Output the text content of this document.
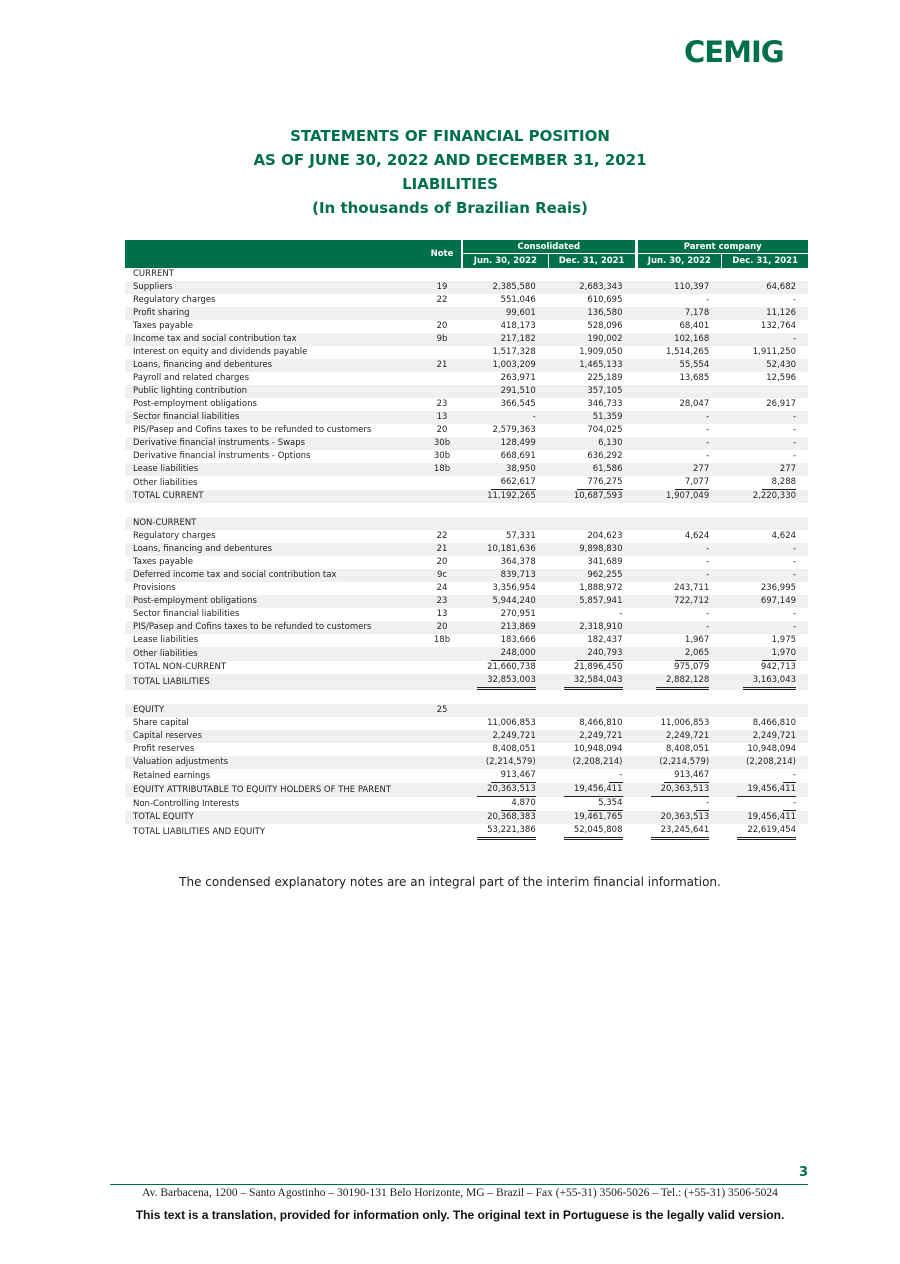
CEMIG
STATEMENTS OF FINANCIAL POSITION
AS OF JUNE 30, 2022 AND DECEMBER 31, 2021
LIABILITIES
(In thousands of Brazilian Reais)
	Note	Consolidated		Parent company	
		Jun. 30, 2022	Dec. 31, 2021	Jun. 30, 2022	Dec. 31, 2021
CURRENT					
Suppliers	19	2,385,580	2,683,343	110,397	64,682
Regulatory charges	22	551,046	610,695	-	-
Profit sharing		99,601	136,580	7,178	11,126
Taxes payable	20	418,173	528,096	68,401	132,764
Income tax and social contribution tax	9b	217,182	190,002	102,168	-
Interest on equity and dividends payable		1,517,328	1,909,050	1,514,265	1,911,250
Loans, financing and debentures	21	1,003,209	1,465,133	55,554	52,430
Payroll and related charges		263,971	225,189	13,685	12,596
Public lighting contribution		291,510	357,105		
Post-employment obligations	23	366,545	346,733	28,047	26,917
Sector financial liabilities	13	-	51,359	-	-
PIS/Pasep and Cofins taxes to be refunded to customers	20	2,579,363	704,025	-	-
Derivative financial instruments - Swaps	30b	128,499	6,130	-	-
Derivative financial instruments - Options	30b	668,691	636,292	-	-
Lease liabilities	18b	38,950	61,586	277	277
Other liabilities		662,617	776,275	7,077	8,288
TOTAL CURRENT		11,192,265	10,687,593	1,907,049	2,220,330

NON-CURRENT					
Regulatory charges	22	57,331	204,623	4,624	4,624
Loans, financing and debentures	21	10,181,636	9,898,830	-	-
Taxes payable	20	364,378	341,689	-	-
Deferred income tax and social contribution tax	9c	839,713	962,255	-	-
Provisions	24	3,356,954	1,888,972	243,711	236,995
Post-employment obligations	23	5,944,240	5,857,941	722,712	697,149
Sector financial liabilities	13	270,951	-	-	-
PIS/Pasep and Cofins taxes to be refunded to customers	20	213,869	2,318,910	-	-
Lease liabilities	18b	183,666	182,437	1,967	1,975
Other liabilities		248,000	240,793	2,065	1,970
TOTAL NON-CURRENT		21,660,738	21,896,450	975,079	942,713
TOTAL LIABILITIES		32,853,003	32,584,043	2,882,128	3,163,043

EQUITY	25				
Share capital		11,006,853	8,466,810	11,006,853	8,466,810
Capital reserves		2,249,721	2,249,721	2,249,721	2,249,721
Profit reserves		8,408,051	10,948,094	8,408,051	10,948,094
Valuation adjustments		(2,214,579)	(2,208,214)	(2,214,579)	(2,208,214)
Retained earnings		913,467	-	913,467	-
EQUITY ATTRIBUTABLE TO EQUITY HOLDERS OF THE PARENT		20,363,513	19,456,411	20,363,513	19,456,411
Non-Controlling Interests		4,870	5,354	-	-
TOTAL EQUITY		20,368,383	19,461,765	20,363,513	19,456,411
TOTAL LIABILITIES AND EQUITY		53,221,386	52,045,808	23,245,641	22,619,454
The condensed explanatory notes are an integral part of the interim financial information.
3
Av. Barbacena, 1200 – Santo Agostinho – 30190-131 Belo Horizonte, MG – Brazil – Fax (+55-31) 3506-5026 – Tel.: (+55-31) 3506-5024
This text is a translation, provided for information only. The original text in Portuguese is the legally valid version.
